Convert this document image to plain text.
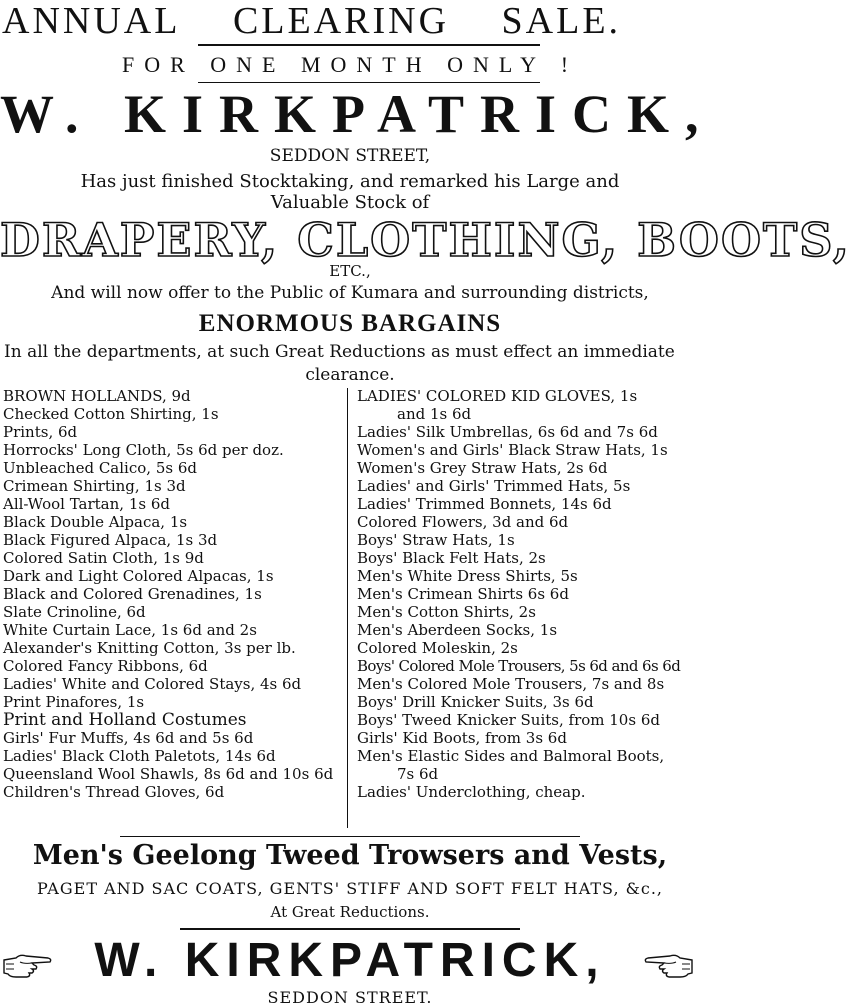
ANNUAL CLEARING SALE.
FOR ONE MONTH ONLY !
W. KIRKPATRICK,
SEDDON STREET,
Has just finished Stocktaking, and remarked his Large and
Valuable Stock of
DRAPERY, CLOTHING, BOOTS,
ETC.,
And will now offer to the Public of Kumara and surrounding districts,
ENORMOUS BARGAINS
In all the departments, at such Great Reductions as must effect an immediate
clearance.
BROWN HOLLANDS, 9d
Checked Cotton Shirting, 1s
Prints, 6d
Horrocks' Long Cloth, 5s 6d per doz.
Unbleached Calico, 5s 6d
Crimean Shirting, 1s 3d
All-Wool Tartan, 1s 6d
Black Double Alpaca, 1s
Black Figured Alpaca, 1s 3d
Colored Satin Cloth, 1s 9d
Dark and Light Colored Alpacas, 1s
Black and Colored Grenadines, 1s
Slate Crinoline, 6d
White Curtain Lace, 1s 6d and 2s
Alexander's Knitting Cotton, 3s per lb.
Colored Fancy Ribbons, 6d
Ladies' White and Colored Stays, 4s 6d
Print Pinafores, 1s
Print and Holland Costumes
Girls' Fur Muffs, 4s 6d and 5s 6d
Ladies' Black Cloth Paletots, 14s 6d
Queensland Wool Shawls, 8s 6d and 10s 6d
Children's Thread Gloves, 6d
LADIES' COLORED KID GLOVES, 1s
and 1s 6d
Ladies' Silk Umbrellas, 6s 6d and 7s 6d
Women's and Girls' Black Straw Hats, 1s
Women's Grey Straw Hats, 2s 6d
Ladies' and Girls' Trimmed Hats, 5s
Ladies' Trimmed Bonnets, 14s 6d
Colored Flowers, 3d and 6d
Boys' Straw Hats, 1s
Boys' Black Felt Hats, 2s
Men's White Dress Shirts, 5s
Men's Crimean Shirts 6s 6d
Men's Cotton Shirts, 2s
Men's Aberdeen Socks, 1s
Colored Moleskin, 2s
Boys' Colored Mole Trousers, 5s 6d and 6s 6d
Men's Colored Mole Trousers, 7s and 8s
Boys' Drill Knicker Suits, 3s 6d
Boys' Tweed Knicker Suits, from 10s 6d
Girls' Kid Boots, from 3s 6d
Men's Elastic Sides and Balmoral Boots,
7s 6d
Ladies' Underclothing, cheap.
Men's Geelong Tweed Trowsers and Vests,
PAGET AND SAC COATS, GENTS' STIFF AND SOFT FELT HATS, &c.,
At Great Reductions.
W. KIRKPATRICK,
SEDDON STREET.
